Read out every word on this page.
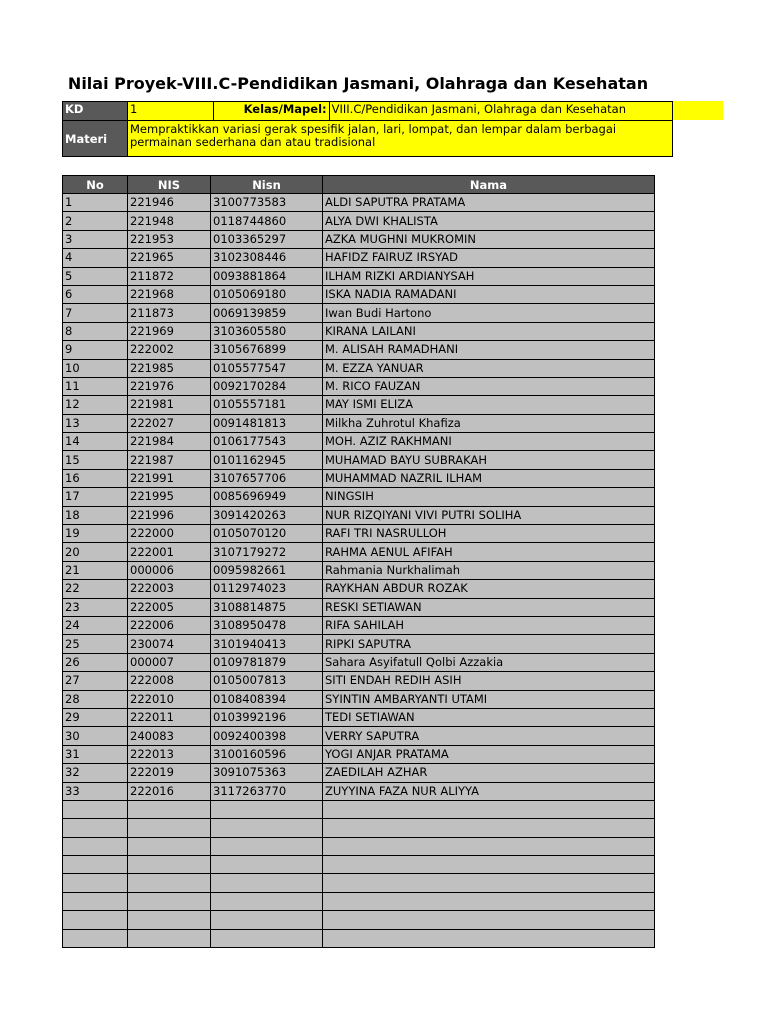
Nilai Proyek-VIII.C-Pendidikan Jasmani, Olahraga dan Kesehatan
KD	1	Kelas/Mapel:	VIII.C/Pendidikan Jasmani, Olahraga dan Kesehatan
Materi	Mempraktikkan variasi gerak spesifik jalan, lari, lompat, dan lempar dalam berbagai permainan sederhana dan atau tradisional		
No	NIS	Nisn	Nama
1	221946	3100773583	ALDI SAPUTRA PRATAMA
2	221948	0118744860	ALYA DWI KHALISTA
3	221953	0103365297	AZKA MUGHNI MUKROMIN
4	221965	3102308446	HAFIDZ FAIRUZ IRSYAD
5	211872	0093881864	ILHAM RIZKI ARDIANYSAH
6	221968	0105069180	ISKA NADIA RAMADANI
7	211873	0069139859	Iwan Budi Hartono
8	221969	3103605580	KIRANA LAILANI
9	222002	3105676899	M. ALISAH RAMADHANI
10	221985	0105577547	M. EZZA YANUAR
11	221976	0092170284	M. RICO FAUZAN
12	221981	0105557181	MAY ISMI ELIZA
13	222027	0091481813	Milkha Zuhrotul Khafiza
14	221984	0106177543	MOH. AZIZ RAKHMANI
15	221987	0101162945	MUHAMAD BAYU SUBRAKAH
16	221991	3107657706	MUHAMMAD NAZRIL ILHAM
17	221995	0085696949	NINGSIH
18	221996	3091420263	NUR RIZQIYANI VIVI PUTRI SOLIHA
19	222000	0105070120	RAFI TRI NASRULLOH
20	222001	3107179272	RAHMA AENUL AFIFAH
21	000006	0095982661	Rahmania Nurkhalimah
22	222003	0112974023	RAYKHAN ABDUR ROZAK
23	222005	3108814875	RESKI SETIAWAN
24	222006	3108950478	RIFA SAHILAH
25	230074	3101940413	RIPKI SAPUTRA
26	000007	0109781879	Sahara Asyifatull Qolbi Azzakia
27	222008	0105007813	SITI ENDAH REDIH ASIH
28	222010	0108408394	SYINTIN AMBARYANTI UTAMI
29	222011	0103992196	TEDI SETIAWAN
30	240083	0092400398	VERRY SAPUTRA
31	222013	3100160596	YOGI ANJAR PRATAMA
32	222019	3091075363	ZAEDILAH AZHAR
33	222016	3117263770	ZUYYINA FAZA NUR ALIYYA
